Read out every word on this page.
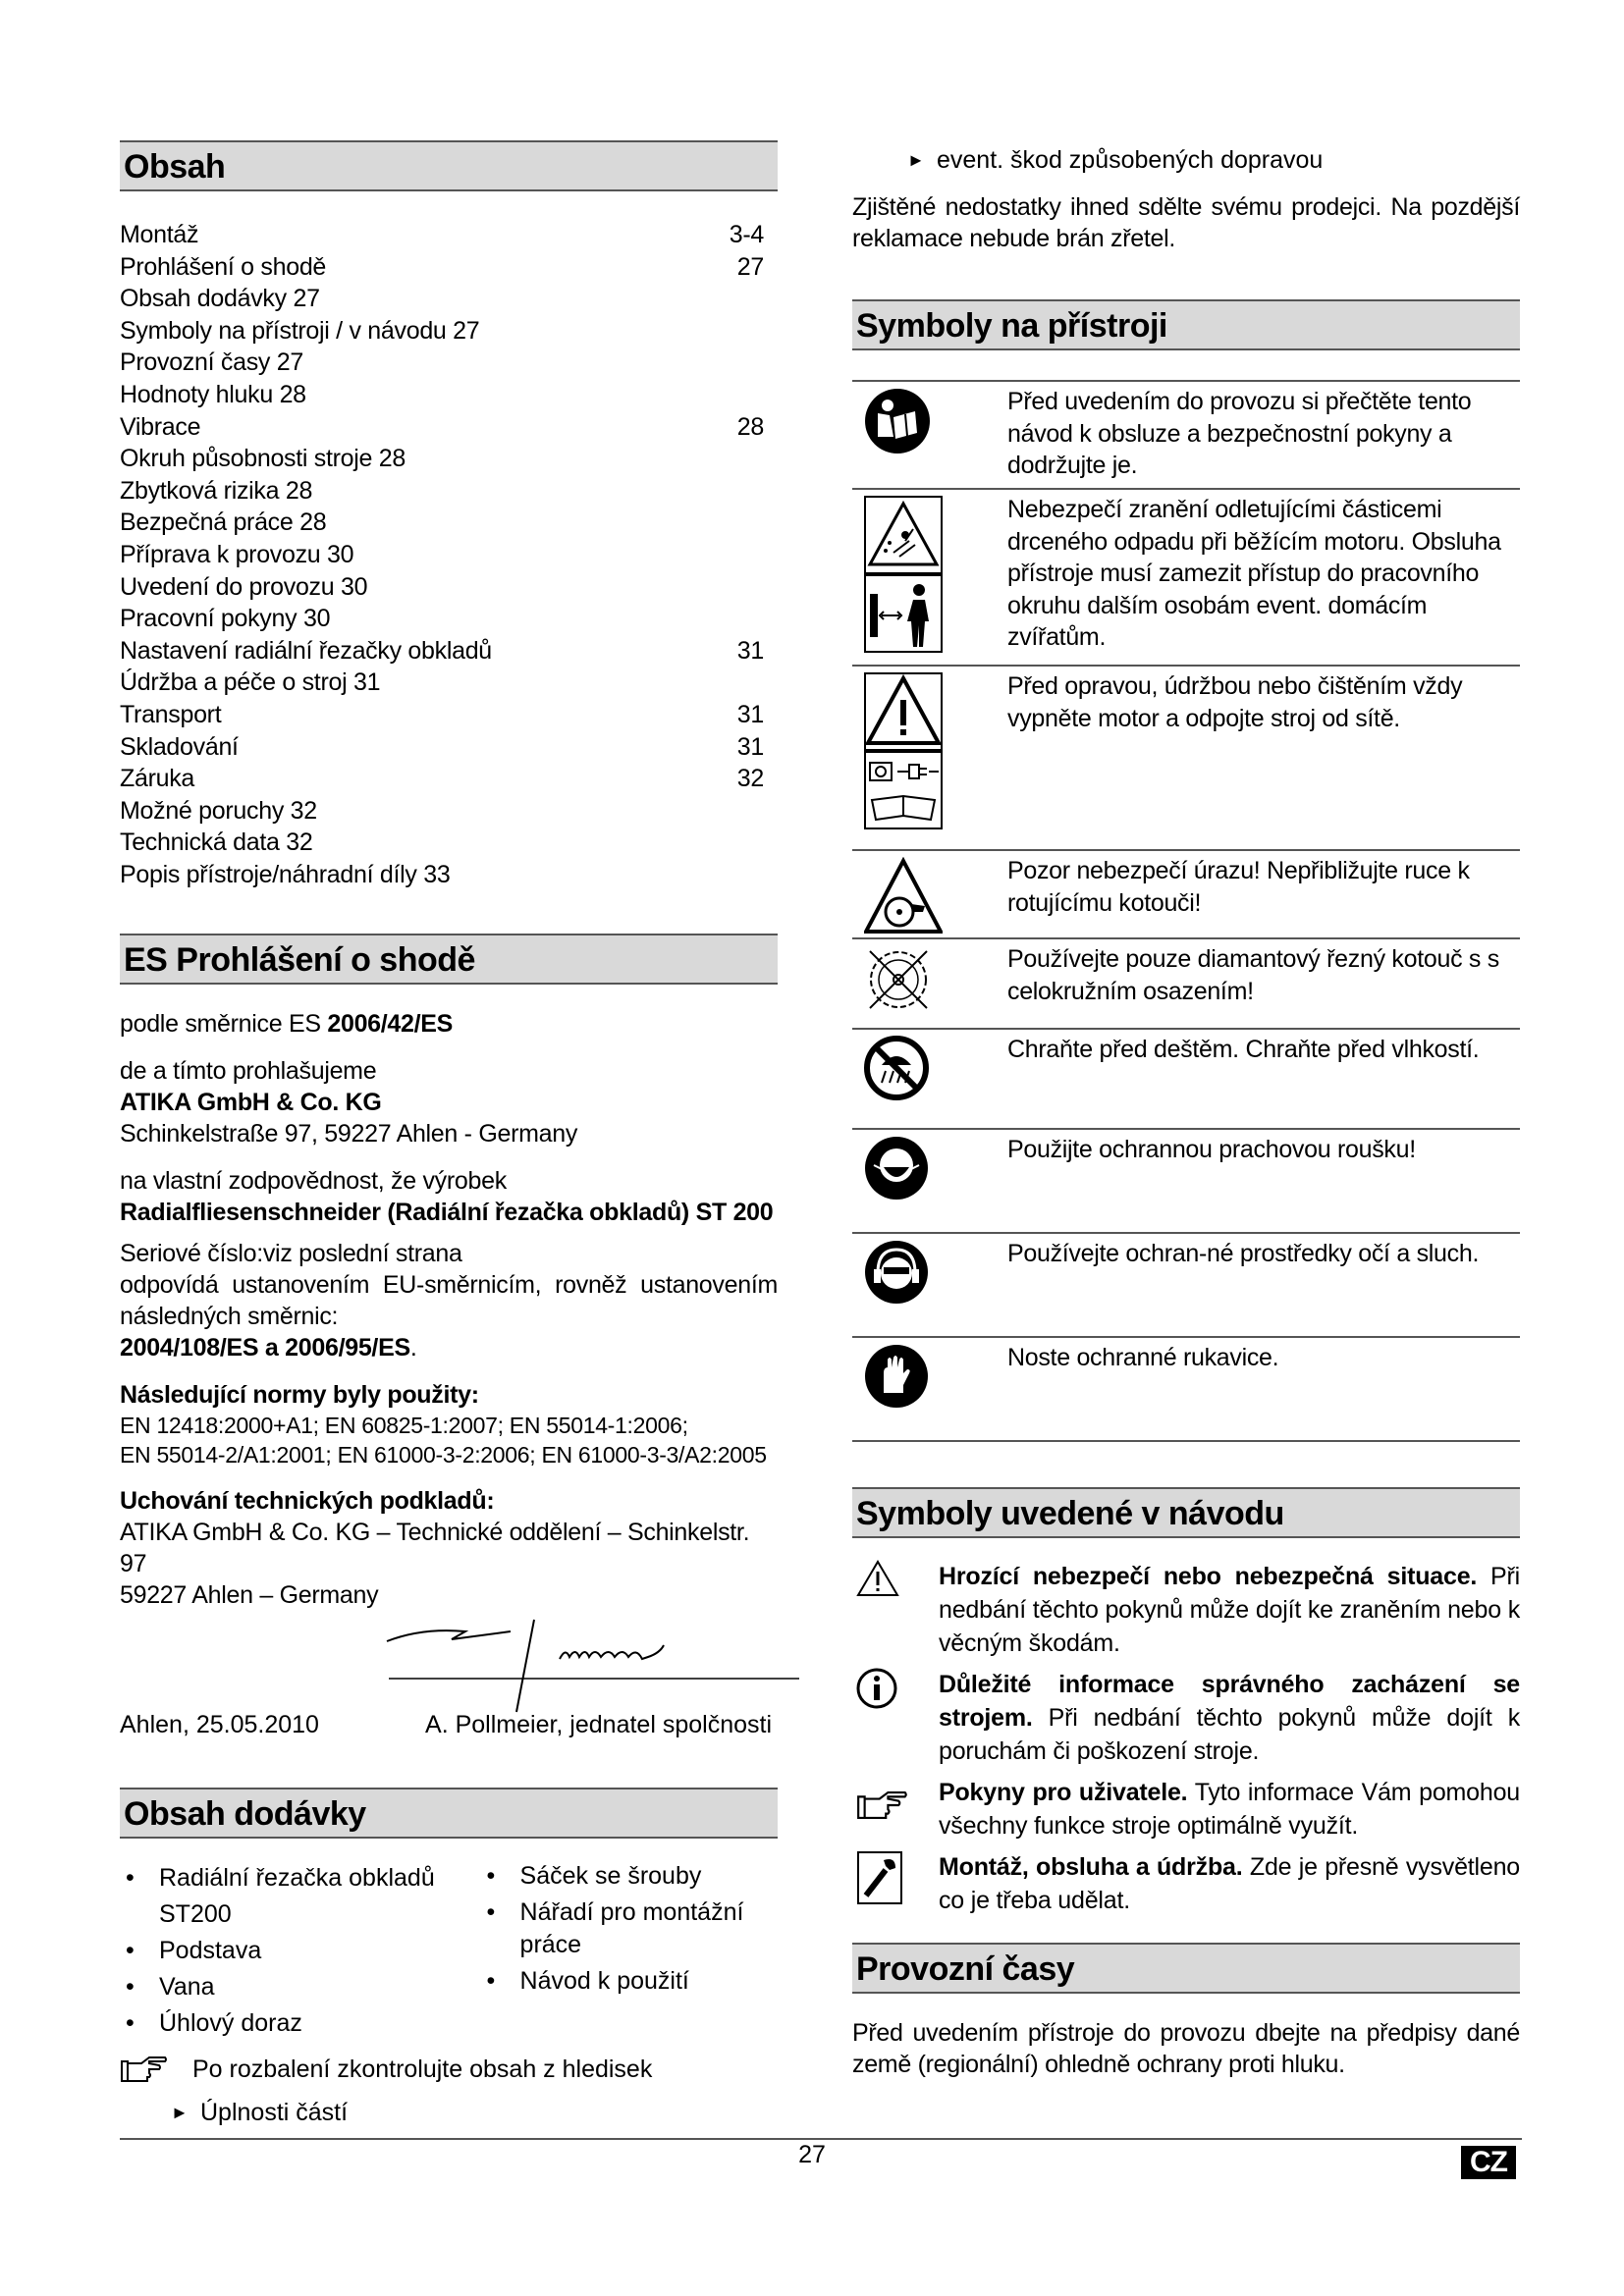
Obsah
Montáž	3-4
Prohlášení o shodě	27
Obsah dodávky 27
Symboly na přístroji / v návodu 27
Provozní časy 27
Hodnoty hluku 28
Vibrace	28
Okruh působnosti stroje 28
Zbytková rizika 28
Bezpečná práce 28
Příprava k provozu 30
Uvedení do provozu 30
Pracovní pokyny 30
Nastavení radiální řezačky obkladů	31
Údržba a péče o stroj 31
Transport	31
Skladování	31
Záruka	32
Možné poruchy 32
Technická data 32
Popis přístroje/náhradní díly 33
ES Prohlášení o shodě

podle směrnice ES 2006/42/ES

de a tímto prohlašujeme

ATIKA GmbH & Co. KG

Schinkelstraße 97, 59227 Ahlen - Germany

na vlastní zodpovědnost, že výrobek

Radialfliesenschneider (Radiální řezačka obkladů) ST 200

Seriové číslo:viz poslední strana

odpovídá ustanovením EU-směrnicím, rovněž ustanovením následných směrnic:

2004/108/ES a 2006/95/ES.

Následující normy byly použity:

EN 12418:2000+A1; EN 60825-1:2007; EN 55014-1:2006;

EN 55014-2/A1:2001; EN 61000-3-2:2006; EN 61000-3-3/A2:2005

Uchování technických podkladů:

ATIKA GmbH & Co. KG – Technické oddělení – Schinkelstr. 97

59227 Ahlen – Germany

Ahlen, 25.05.2010	A. Pollmeier, jednatel spolčnosti
Obsah dodávky
• Radiální řezačka obkladů ST200
• Podstava
• Vana
• Úhlový doraz
• Sáček se šrouby
• Nářadí pro montážní práce
• Návod k použití
Po rozbalení zkontrolujte obsah z hledisek
► Úplnosti částí
► event. škod způsobených dopravou

Zjištěné nedostatky ihned sdělte svému prodejci. Na pozdější reklamace nebude brán zřetel.

Symboly na přístroji
Před uvedením do provozu si přečtěte tento návod k obsluze a bezpečnostní pokyny a dodržujte je.
Nebezpečí zranění odletujícími částicemi drceného odpadu při běžícím motoru. Obsluha přístroje musí zamezit přístup do pracovního okruhu dalším osobám event. domácím zvířatům.
Před opravou, údržbou nebo čištěním vždy vypněte motor a odpojte stroj od sítě.
Pozor nebezpečí úrazu! Nepřibližujte ruce k rotujícímu kotouči!
Používejte pouze diamantový řezný kotouč s s celokružním osazením!
Chraňte před deštěm. Chraňte před vlhkostí.
Použijte ochrannou prachovou roušku!
Používejte ochran-né prostředky očí a sluch.
Noste ochranné rukavice.
Symboly uvedené v návodu
Hrozící nebezpečí nebo nebezpečná situace. Při nedbání těchto pokynů může dojít ke zraněním nebo k věcným škodám.
Důležité informace správného zacházení se strojem. Při nedbání těchto pokynů může dojít k poruchám či poškození stroje.
Pokyny pro uživatele. Tyto informace Vám pomohou všechny funkce stroje optimálně využít.
Montáž, obsluha a údržba. Zde je přesně vysvětleno co je třeba udělat.
Provozní časy

Před uvedením přístroje do provozu dbejte na předpisy dané země (regionální) ohledně ochrany proti hluku.

27	CZ
